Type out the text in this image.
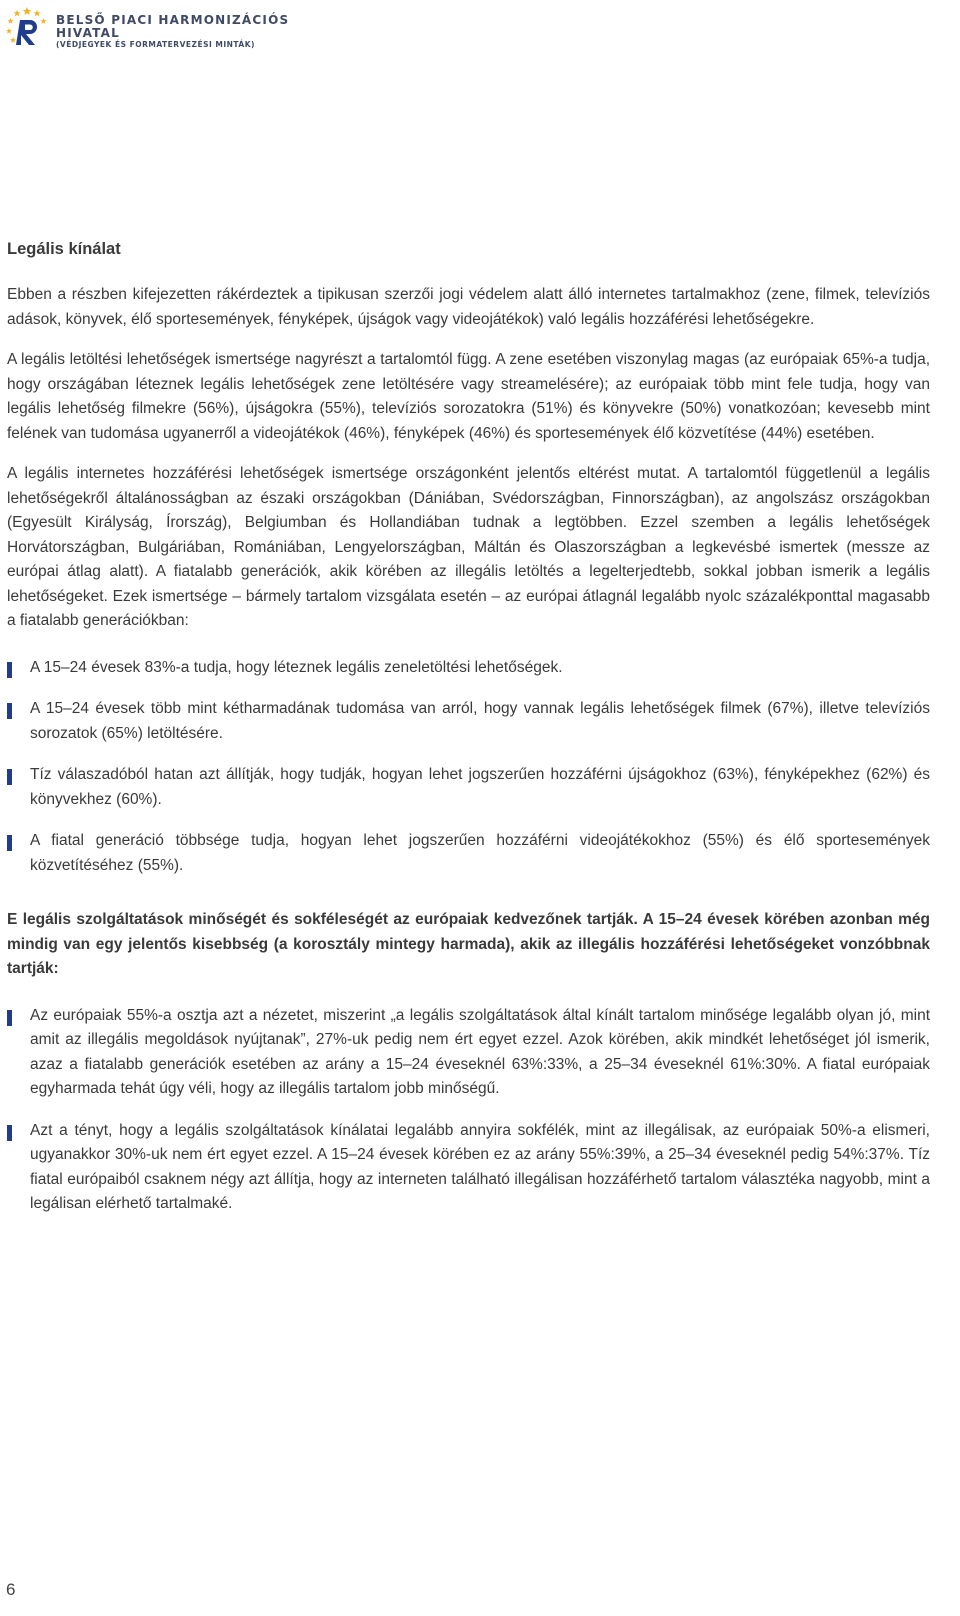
BELSŐ PIACI HARMONIZÁCIÓS
HIVATAL
(VÉDJEGYEK ÉS FORMATERVEZÉSI MINTÁK)

Legális kínálat

Ebben a részben kifejezetten rákérdeztek a tipikusan szerzői jogi védelem alatt álló internetes tartalmakhoz (zene, filmek, televíziós adások, könyvek, élő sportesemények, fényképek, újságok vagy videojátékok) való legális hozzáférési lehetőségekre.

A legális letöltési lehetőségek ismertsége nagyrészt a tartalomtól függ. A zene esetében viszonylag magas (az európaiak 65%-a tudja, hogy országában léteznek legális lehetőségek zene letöltésére vagy streamelésére); az európaiak több mint fele tudja, hogy van legális lehetőség filmekre (56%), újságokra (55%), televíziós sorozatokra (51%) és könyvekre (50%) vonatkozóan; kevesebb mint felének van tudomása ugyanerről a videojátékok (46%), fényképek (46%) és sportesemények élő közvetítése (44%) esetében.

A legális internetes hozzáférési lehetőségek ismertsége országonként jelentős eltérést mutat. A tartalomtól függetlenül a legális lehetőségekről általánosságban az északi országokban (Dániában, Svédországban, Finnországban), az angolszász országokban (Egyesült Királyság, Írország), Belgiumban és Hollandiában tudnak a legtöbben. Ezzel szemben a legális lehetőségek Horvátországban, Bulgáriában, Romániában, Lengyelországban, Máltán és Olaszországban a legkevésbé ismertek (messze az európai átlag alatt). A fiatalabb generációk, akik körében az illegális letöltés a legelterjedtebb, sokkal jobban ismerik a legális lehetőségeket. Ezek ismertsége – bármely tartalom vizsgálata esetén – az európai átlagnál legalább nyolc százalékponttal magasabb a fiatalabb generációkban:

A 15–24 évesek 83%-a tudja, hogy léteznek legális zeneletöltési lehetőségek.
A 15–24 évesek több mint kétharmadának tudomása van arról, hogy vannak legális lehetőségek filmek (67%), illetve televíziós sorozatok (65%) letöltésére.
Tíz válaszadóból hatan azt állítják, hogy tudják, hogyan lehet jogszerűen hozzáférni újságokhoz (63%), fényképekhez (62%) és könyvekhez (60%).
A fiatal generáció többsége tudja, hogyan lehet jogszerűen hozzáférni videojátékokhoz (55%) és élő sportesemények közvetítéséhez (55%).

E legális szolgáltatások minőségét és sokféleségét az európaiak kedvezőnek tartják. A 15–24 évesek körében azonban még mindig van egy jelentős kisebbség (a korosztály mintegy harmada), akik az illegális hozzáférési lehetőségeket vonzóbbnak tartják:

Az európaiak 55%-a osztja azt a nézetet, miszerint „a legális szolgáltatások által kínált tartalom minősége legalább olyan jó, mint amit az illegális megoldások nyújtanak”, 27%-uk pedig nem ért egyet ezzel. Azok körében, akik mindkét lehetőséget jól ismerik, azaz a fiatalabb generációk esetében az arány a 15–24 éveseknél 63%:33%, a 25–34 éveseknél 61%:30%. A fiatal európaiak egyharmada tehát úgy véli, hogy az illegális tartalom jobb minőségű.
Azt a tényt, hogy a legális szolgáltatások kínálatai legalább annyira sokfélék, mint az illegálisak, az európaiak 50%-a elismeri, ugyanakkor 30%-uk nem ért egyet ezzel. A 15–24 évesek körében ez az arány 55%:39%, a 25–34 éveseknél pedig 54%:37%. Tíz fiatal európaiból csaknem négy azt állítja, hogy az interneten található illegálisan hozzáférhető tartalom választéka nagyobb, mint a legálisan elérhető tartalmaké.
6
